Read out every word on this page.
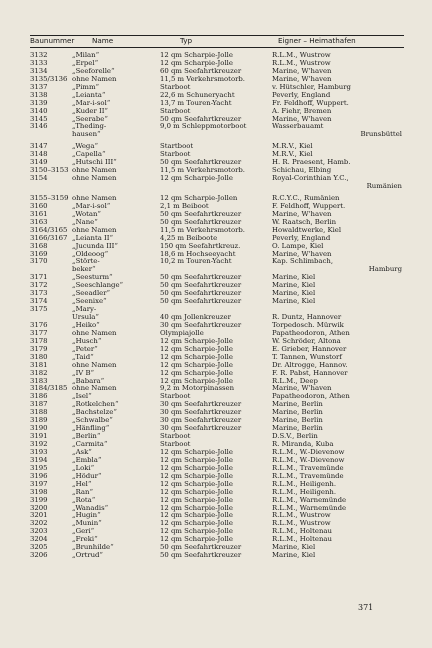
Baunummer Name	Typ	Eigner – Heimathafen
3132	„Milan“	12 qm Scharpie-Jolle	R.L.M., Wustrow
3133	„Erpel“	12 qm Scharpie-Jolle	R.L.M., Wustrow
3134	„Seeforelle“	60 qm Seefahrtkreuzer	Marine, W'haven
3135/3136 ohne Namen	11,5 m Verkehrsmotorb.	Marine, W'haven
3137	„Pimm“	Starboot	v. Hütschler, Hamburg
3138	„Leianta“	22,6 m Schuneryacht	Peverly, England
3139	„Mar-i-sol“	13,7 m Touren-Yacht	Fr. Feldhoff, Wuppert.
3140	„Kuder II“	Starboot	A. Fiehr, Bremen
3145	„Seerabe“	50 qm Seefahrtkreuzer	Marine, W'haven
3146	„Theding-	9,0 m Schleppmotorboot	Wasserbauamt
hausen“	Brunsbüttel
3147	„Wega“	Startboot	M.R.V., Kiel
3148	„Capella“	Starboot	M.R.V., Kiel
3149	„Hutschi III“	50 qm Seefahrtkreuzer	H. R. Praesent, Hamb.
3150–3153 ohne Namen	11,5 m Verkehrsmotorb.	Schichau, Elbing
3154	ohne Namen	12 qm Scharpie-Jolle	Royal-Corinthian Y.C.,
Rumänien
3155–3159 ohne Namen	12 qm Scharpie-Jollen	R.C.Y.C., Rumänien
3160	„Mar-i-sol“	2,1 m Beiboot	F. Feldhoff, Wuppert.
3161	„Wotan“	50 qm Seefahrtkreuzer	Marine, W'haven
3163	„Nane“	50 qm Seefahrtkreuzer	W. Raatsch, Berlin
3164/3165 ohne Namen	11,5 m Verkehrsmotorb.	Howaldtwerke, Kiel
3166/3167 „Leianta II“	4,25 m Beiboote	Peverly, England
3168	„Jucunda III“	150 qm Seefahrtkreuz.	O. Lampe, Kiel
3169	„Oldeoog“	18,6 m Hochseeyacht	Marine, W'haven
3170	„Störte-	10,2 m Touren-Yacht	Kap. Schlimbach,
beker“	Hamburg
3171	„Seesturm“	50 qm Seefahrtkreuzer	Marine, Kiel
3172	„Seeschlange“	50 qm Seefahrtkreuzer	Marine, Kiel
3173	„Seeadler“	50 qm Seefahrtkreuzer	Marine, Kiel
3174	„Seenixe“	50 qm Seefahrtkreuzer	Marine, Kiel
3175	„Mary-
Ursula“	40 qm Jollenkreuzer	R. Duntz, Hannover
3176	„Heiko“	30 qm Seefahrtkreuzer	Torpedosch. Mürwik
3177	ohne Namen	Olympiajolle	Papatheodoron, Athen
3178	„Husch“	12 qm Scharpie-Jolle	W. Schröder, Altona
3179	„Peter“	12 qm Scharpie-Jolle	E. Grieber, Hannover
3180	„Taid“	12 qm Scharpie-Jolle	T. Tannen, Wunstorf
3181	ohne Namen	12 qm Scharpie-Jolle	Dr. Altrogge, Hannov.
3182	„IV B“	12 qm Scharpie-Jolle	F. R. Pabst, Hannover
3183	„Babara“	12 qm Scharpie-Jolle	R.L.M., Deep
3184/3185 ohne Namen	9,2 m Motorpinassen	Marine, W'haven
3186	„Isel“	Starboot	Papatheodoron, Athen
3187	„Rotkelchen“	30 qm Seefahrtkreuzer	Marine, Berlin
3188	„Bachstelze“	30 qm Seefahrtkreuzer	Marine, Berlin
3189	„Schwalbe“	30 qm Seefahrtkreuzer	Marine, Berlin
3190	„Hänfling“	30 qm Seefahrtkreuzer	Marine, Berlin
3191	„Berlin“	Starboot	D.S.V., Berlin
3192	„Carmita“	Starboot	R. Miranda, Kuba
3193	„Ask“	12 qm Scharpie-Jolle	R.L.M., W.-Dievenow
3194	„Embla“	12 qm Scharpie-Jolle	R.L.M., W.-Dievenow
3195	„Loki“	12 qm Scharpie-Jolle	R.L.M., Travemünde
3196	„Hödur“	12 qm Scharpie-Jolle	R.L.M., Travemünde
3197	„Hel“	12 qm Scharpie-Jolle	R.L.M., Heiligenh.
3198	„Ran“	12 qm Scharpie-Jolle	R.L.M., Heiligenh.
3199	„Rota“	12 qm Scharpie-Jolle	R.L.M., Warnemünde
3200	„Wanadis“	12 qm Scharpie-Jolle	R.L.M., Warnemünde
3201	„Hugin“	12 qm Scharpie-Jolle	R.L.M., Wustrow
3202	„Munin“	12 qm Scharpie-Jolle	R.L.M., Wustrow
3203	„Geri“	12 qm Scharpie-Jolle	R.L.M., Holtenau
3204	„Freki“	12 qm Scharpie-Jolle	R.L.M., Holtenau
3205	„Brunhilde“	50 qm Seefahrtkreuzer	Marine, Kiel
3206	„Ortrud“	50 qm Seefahrtkreuzer	Marine, Kiel
371
